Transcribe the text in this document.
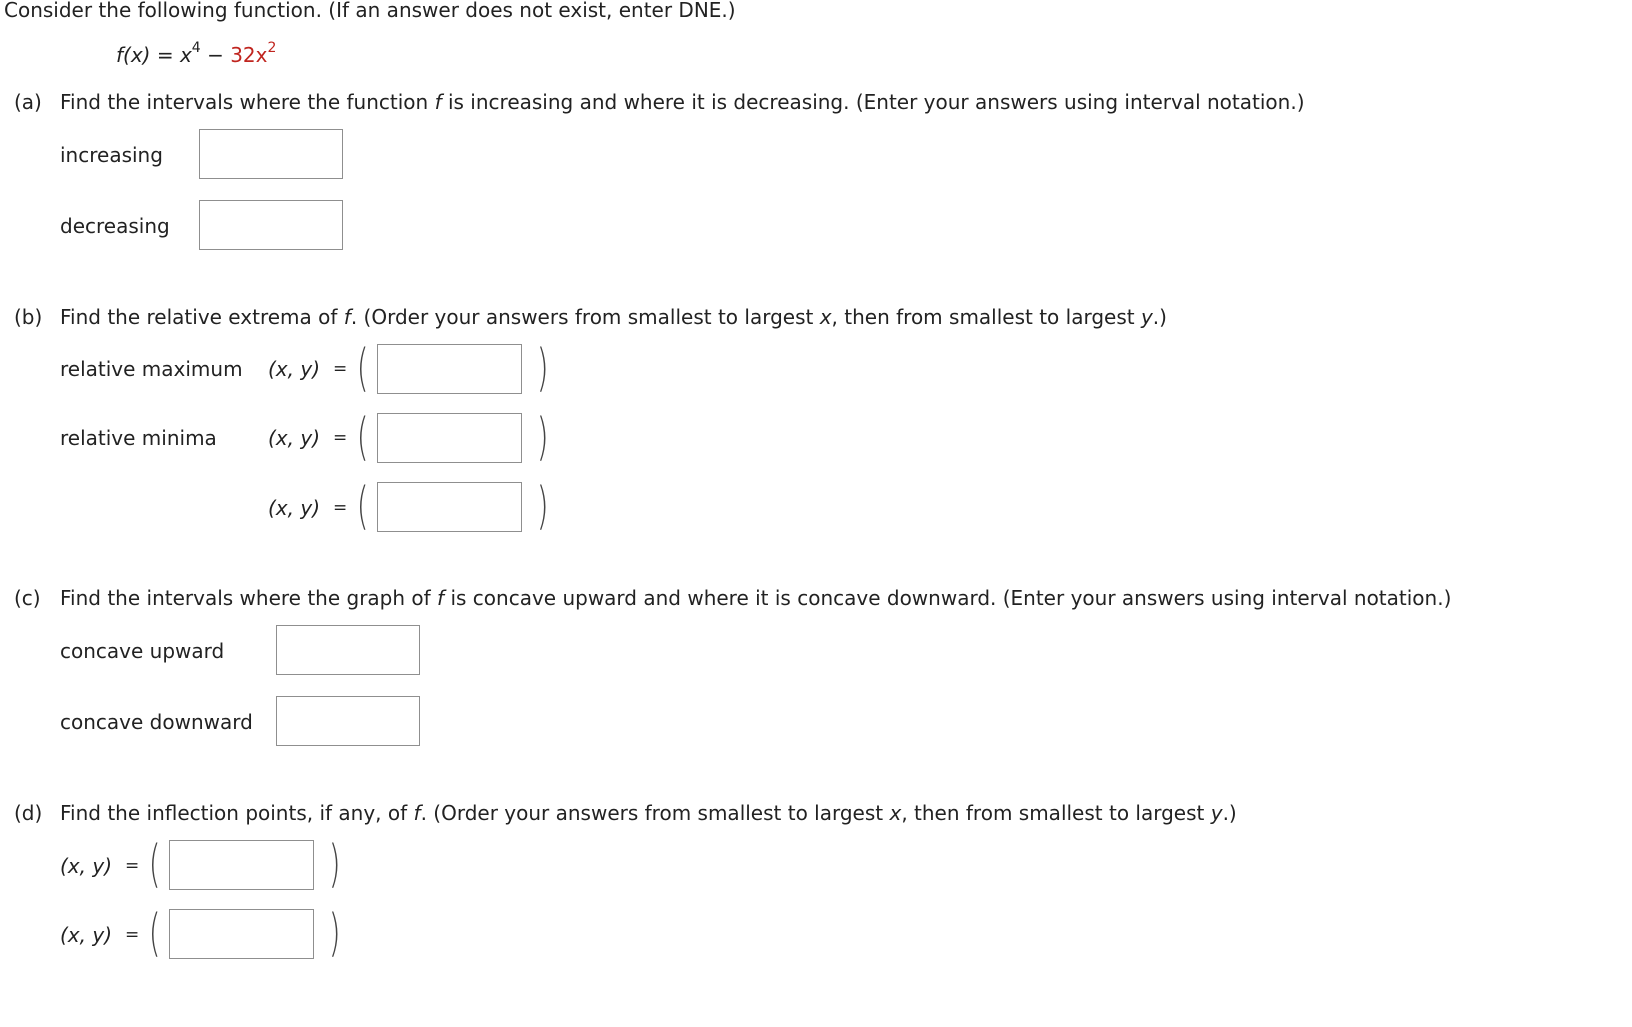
Consider the following function. (If an answer does not exist, enter DNE.)
$f(x) = x^4 - 32x^2$
(a) Find the intervals where the function f is increasing and where it is decreasing. (Enter your answers using interval notation.)
increasing
decreasing
(b) Find the relative extrema of f. (Order your answers from smallest to largest x, then from smallest to largest y.)
relative maximum (x, y) = (	)
relative minima	(x, y) = (	)
(x, y) = (	)
(c) Find the intervals where the graph of f is concave upward and where it is concave downward. (Enter your answers using interval notation.)
concave upward
concave downward
(d) Find the inflection points, if any, of f. (Order your answers from smallest to largest x, then from smallest to largest y.)
(x, y) = (	)
(x, y) = (	)
